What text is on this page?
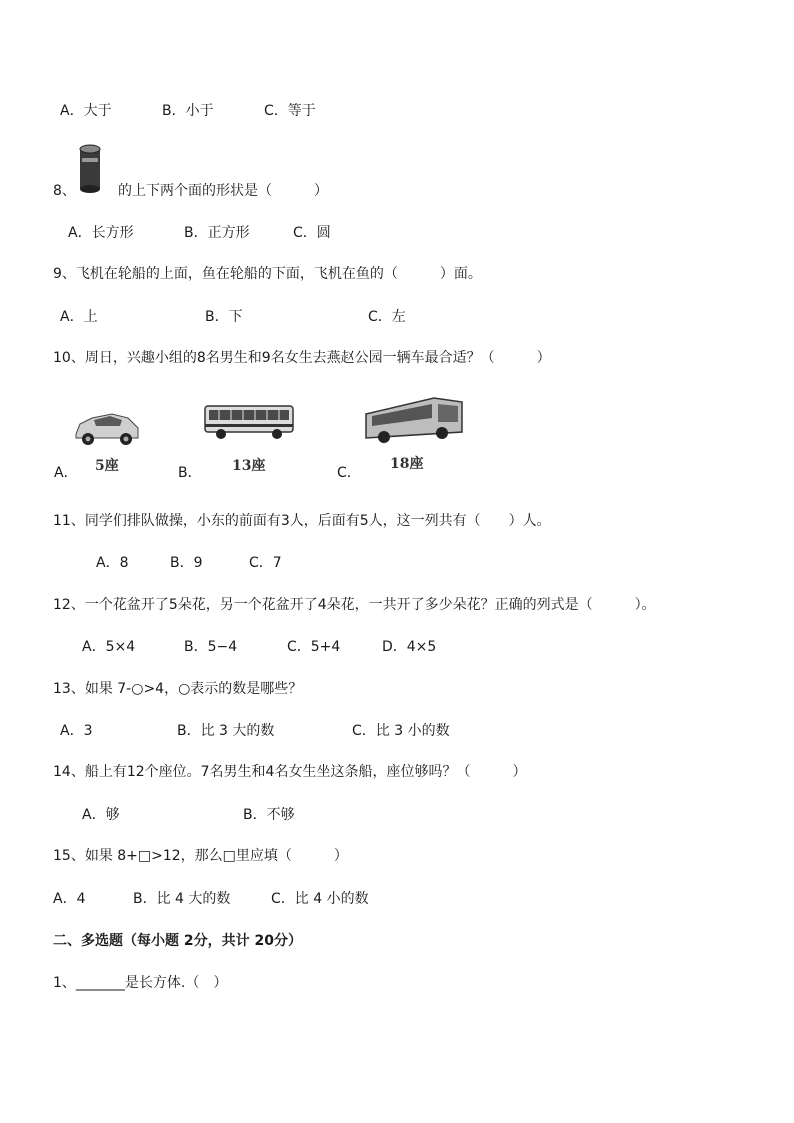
A．大于	B．小于	C．等于
8、	的上下两个面的形状是（　　　）
A．长方形	B．正方形	C．圆
9、飞机在轮船的上面，鱼在轮船的下面，飞机在鱼的（　　　）面。
A．上	B．下	C．左
10、周日，兴趣小组的8名男生和9名女生去燕赵公园一辆车最合适？（　　　）
A． 5座	B． 13座	C．
18座
11、同学们排队做操，小东的前面有3人，后面有5人，这一列共有（　　）人。
A．8	B．9	C．7
12、一个花盆开了5朵花，另一个花盆开了4朵花，一共开了多少朵花？正确的列式是（　　　）。
A．5×4	B．5−4	C．5+4	D．4×5
13、如果 7-○>4，○表示的数是哪些？
A．3	B．比 3 大的数	C．比 3 小的数
14、船上有12个座位。7名男生和4名女生坐这条船，座位够吗？（　　　）
A．够	B．不够
15、如果 8+□>12，那么□里应填（　　　）
A．4	B．比 4 大的数	C．比 4 小的数
二、多选题（每小题 2分，共计 20分）
1、_______是长方体.（　）
